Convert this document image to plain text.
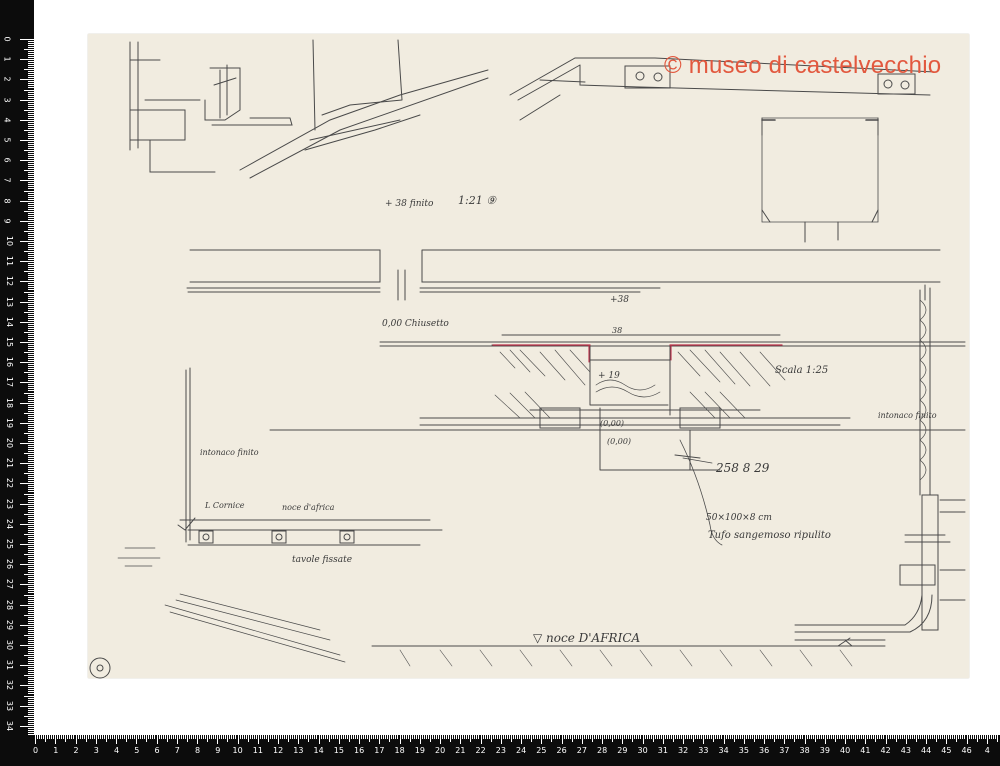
0
1
2
3
4
5
6
7
8
9
10
11
12
13
14
15
16
17
18
19
20
21
22
23
24
25
26
27
28
29
30
31
32
33
34
0 1 2 3 4 5 6 7 8 9 10 11 12 13 14 15 16 17 18 19 20 21 22 23 24 25 26 27 28 29 30 31 32 33 34 35 36 37 38 39 40 41 42 43 44 45 46 4
+ 38 finito 1:21 ⑨
+38
0,00 Chiusetto
38
Scala 1:25
+ 19
(0,00)
(0,00)
intonaco finito
L Cornice	noce d'africa
tavole fissate
intonaco finito
258 8 29
50×100×8 cm
Tufo sangemoso ripulito
▽ noce D'AFRICA
© museo di castelvecchio
